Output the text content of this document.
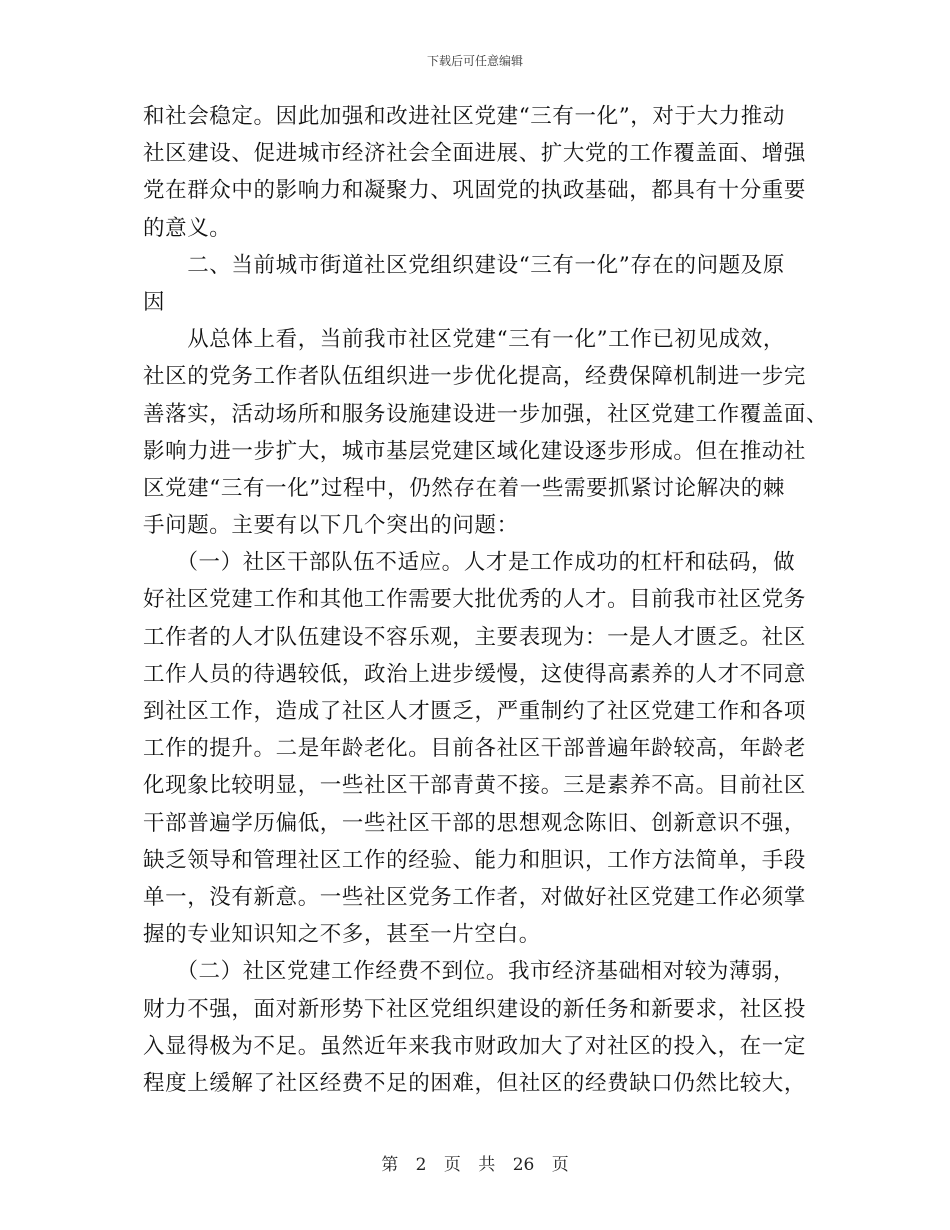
下载后可任意编辑
和社会稳定。因此加强和改进社区党建“三有一化”，对于大力推动
社区建设、促进城市经济社会全面进展、扩大党的工作覆盖面、增强
党在群众中的影响力和凝聚力、巩固党的执政基础，都具有十分重要
的意义。
　　二、当前城市街道社区党组织建设“三有一化”存在的问题及原
因
　　从总体上看，当前我市社区党建“三有一化”工作已初见成效，
社区的党务工作者队伍组织进一步优化提高，经费保障机制进一步完
善落实，活动场所和服务设施建设进一步加强，社区党建工作覆盖面、
影响力进一步扩大，城市基层党建区域化建设逐步形成。但在推动社
区党建“三有一化”过程中，仍然存在着一些需要抓紧讨论解决的棘
手问题。主要有以下几个突出的问题：
　　（一）社区干部队伍不适应。人才是工作成功的杠杆和砝码，做
好社区党建工作和其他工作需要大批优秀的人才。目前我市社区党务
工作者的人才队伍建设不容乐观，主要表现为：一是人才匮乏。社区
工作人员的待遇较低，政治上进步缓慢，这使得高素养的人才不同意
到社区工作，造成了社区人才匮乏，严重制约了社区党建工作和各项
工作的提升。二是年龄老化。目前各社区干部普遍年龄较高，年龄老
化现象比较明显，一些社区干部青黄不接。三是素养不高。目前社区
干部普遍学历偏低，一些社区干部的思想观念陈旧、创新意识不强，
缺乏领导和管理社区工作的经验、能力和胆识，工作方法简单，手段
单一，没有新意。一些社区党务工作者，对做好社区党建工作必须掌
握的专业知识知之不多，甚至一片空白。
　　（二）社区党建工作经费不到位。我市经济基础相对较为薄弱，
财力不强，面对新形势下社区党组织建设的新任务和新要求，社区投
入显得极为不足。虽然近年来我市财政加大了对社区的投入，在一定
程度上缓解了社区经费不足的困难，但社区的经费缺口仍然比较大，
第 2 页 共 26 页
